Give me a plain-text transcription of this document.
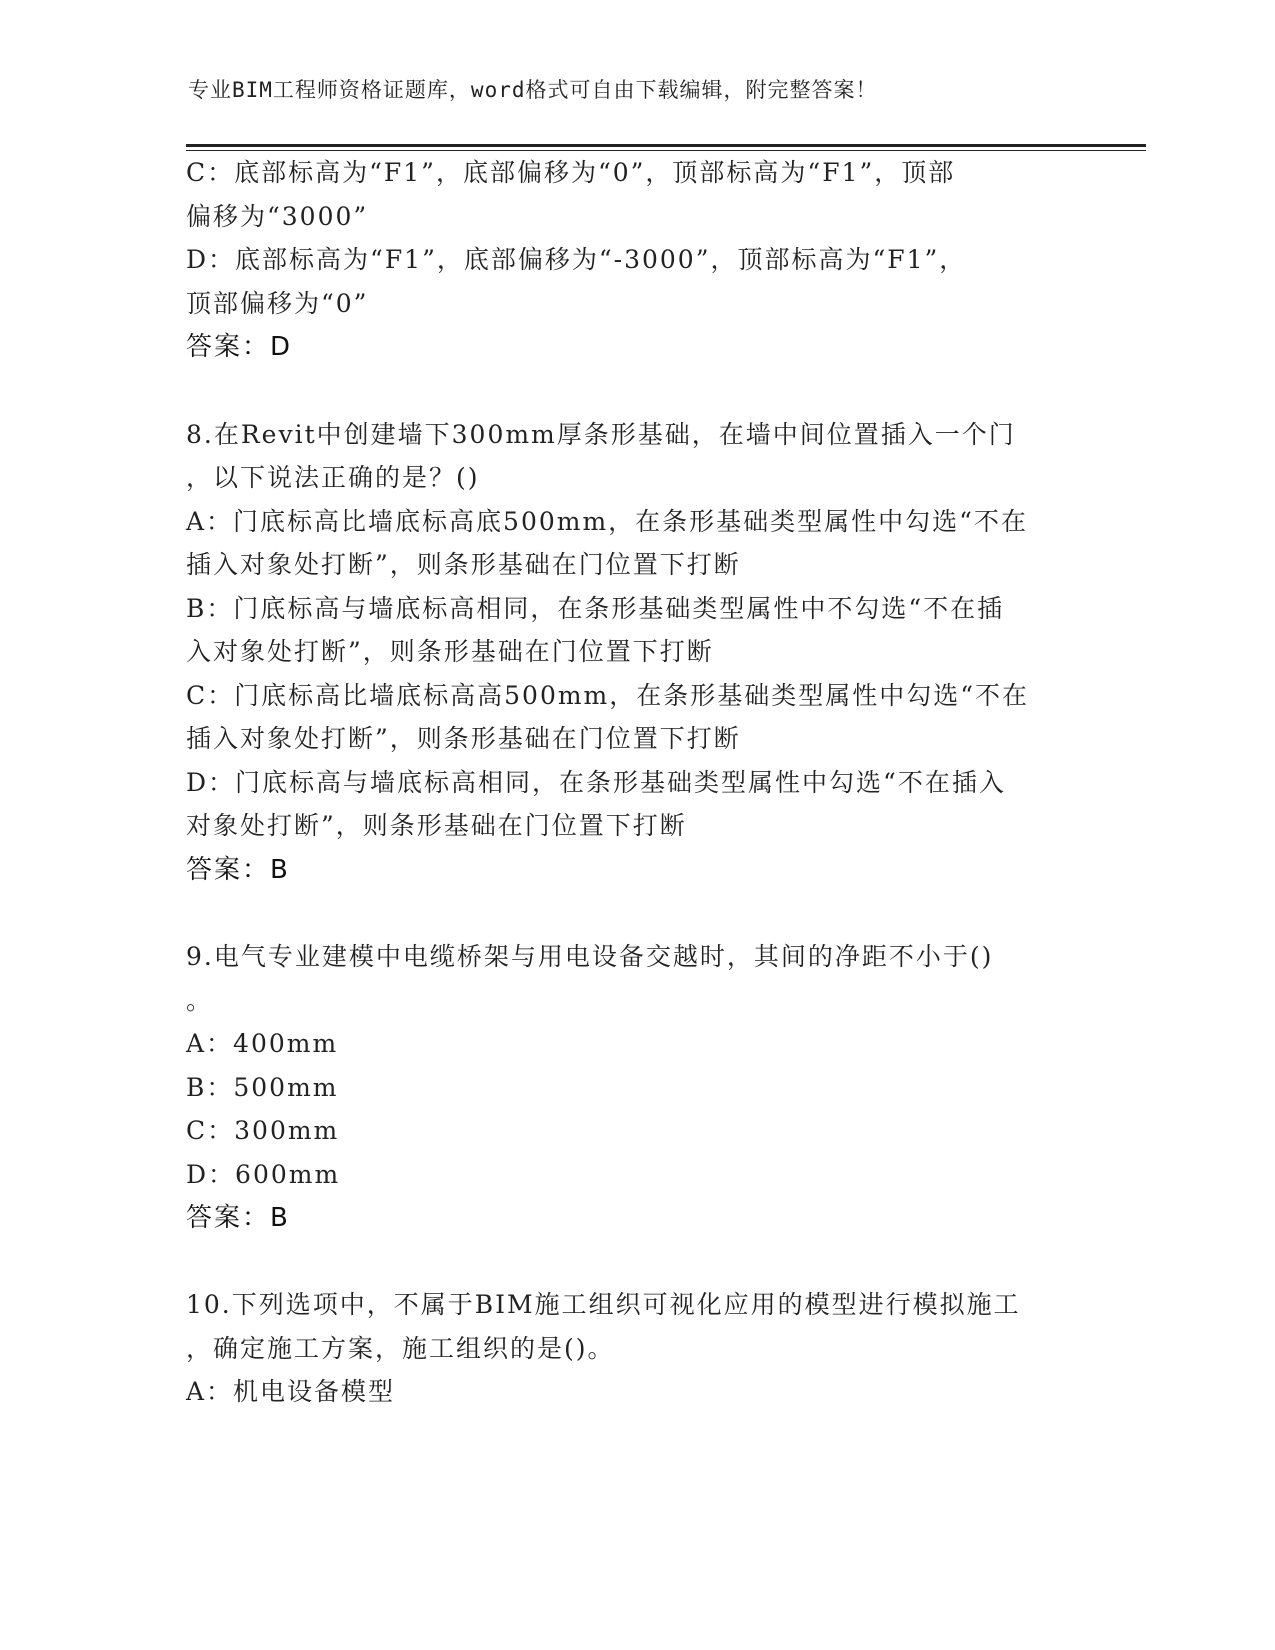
专业BIM工程师资格证题库，word格式可自由下载编辑，附完整答案！
C：底部标高为“F1”，底部偏移为“0”，顶部标高为“F1”，顶部
偏移为“3000”
D：底部标高为“F1”，底部偏移为“-3000”，顶部标高为“F1”，
顶部偏移为“0”
答案：D
8.在Revit中创建墙下300mm厚条形基础，在墙中间位置插入一个门
，以下说法正确的是？()
A：门底标高比墙底标高底500mm，在条形基础类型属性中勾选“不在
插入对象处打断”，则条形基础在门位置下打断
B：门底标高与墙底标高相同，在条形基础类型属性中不勾选“不在插
入对象处打断”，则条形基础在门位置下打断
C：门底标高比墙底标高高500mm，在条形基础类型属性中勾选“不在
插入对象处打断”，则条形基础在门位置下打断
D：门底标高与墙底标高相同，在条形基础类型属性中勾选“不在插入
对象处打断”，则条形基础在门位置下打断
答案：B
9.电气专业建模中电缆桥架与用电设备交越时，其间的净距不小于()
。
A：400mm
B：500mm
C：300mm
D：600mm
答案：B
10.下列选项中，不属于BIM施工组织可视化应用的模型进行模拟施工
，确定施工方案，施工组织的是()。
A：机电设备模型
